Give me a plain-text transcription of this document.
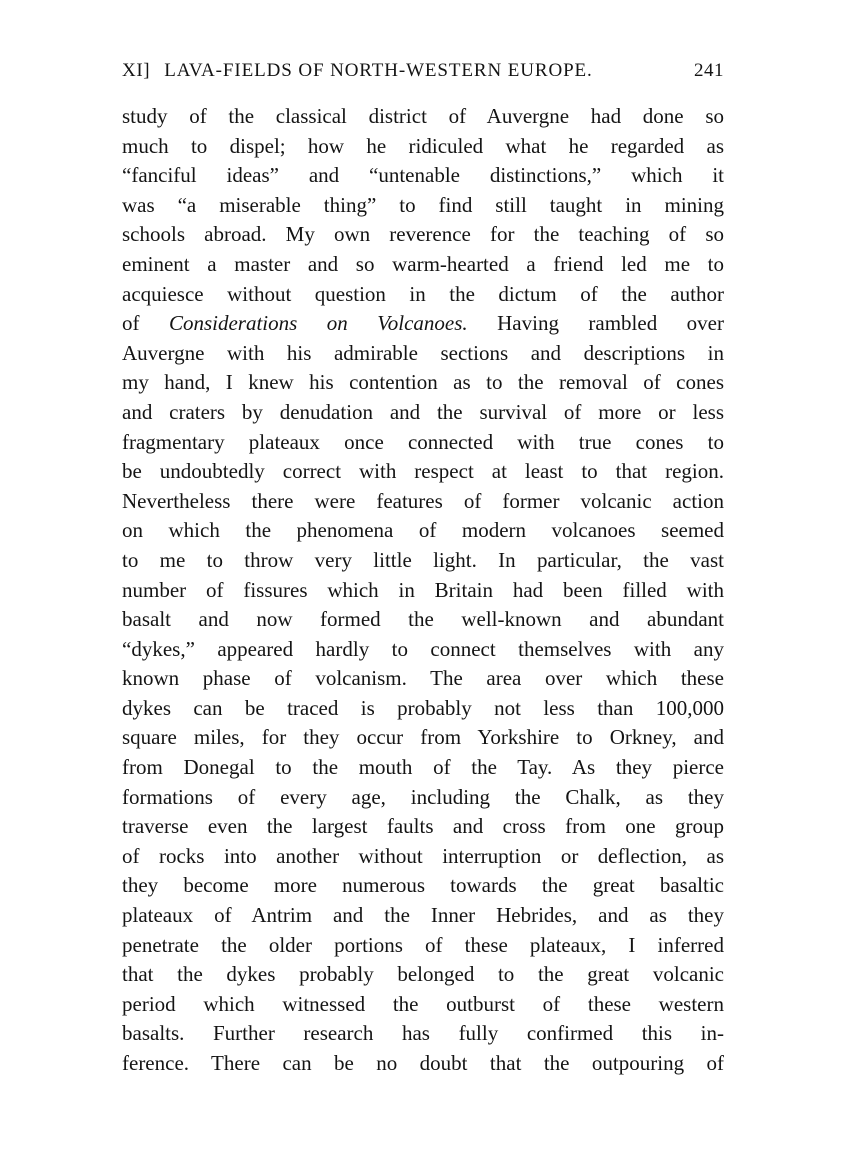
XI] LAVA-FIELDS OF NORTH-WESTERN EUROPE.	241
study of the classical district of Auvergne had done so
much to dispel; how he ridiculed what he regarded as
“fanciful ideas” and “untenable distinctions,” which it
was “a miserable thing” to find still taught in mining
schools abroad. My own reverence for the teaching of so
eminent a master and so warm-hearted a friend led me to
acquiesce without question in the dictum of the author
of Considerations on Volcanoes. Having rambled over
Auvergne with his admirable sections and descriptions in
my hand, I knew his contention as to the removal of cones
and craters by denudation and the survival of more or less
fragmentary plateaux once connected with true cones to
be undoubtedly correct with respect at least to that region.
Nevertheless there were features of former volcanic action
on which the phenomena of modern volcanoes seemed
to me to throw very little light. In particular, the vast
number of fissures which in Britain had been filled with
basalt and now formed the well-known and abundant
“dykes,” appeared hardly to connect themselves with any
known phase of volcanism. The area over which these
dykes can be traced is probably not less than 100,000
square miles, for they occur from Yorkshire to Orkney, and
from Donegal to the mouth of the Tay. As they pierce
formations of every age, including the Chalk, as they
traverse even the largest faults and cross from one group
of rocks into another without interruption or deflection, as
they become more numerous towards the great basaltic
plateaux of Antrim and the Inner Hebrides, and as they
penetrate the older portions of these plateaux, I inferred
that the dykes probably belonged to the great volcanic
period which witnessed the outburst of these western
basalts. Further research has fully confirmed this in-
ference. There can be no doubt that the outpouring of
